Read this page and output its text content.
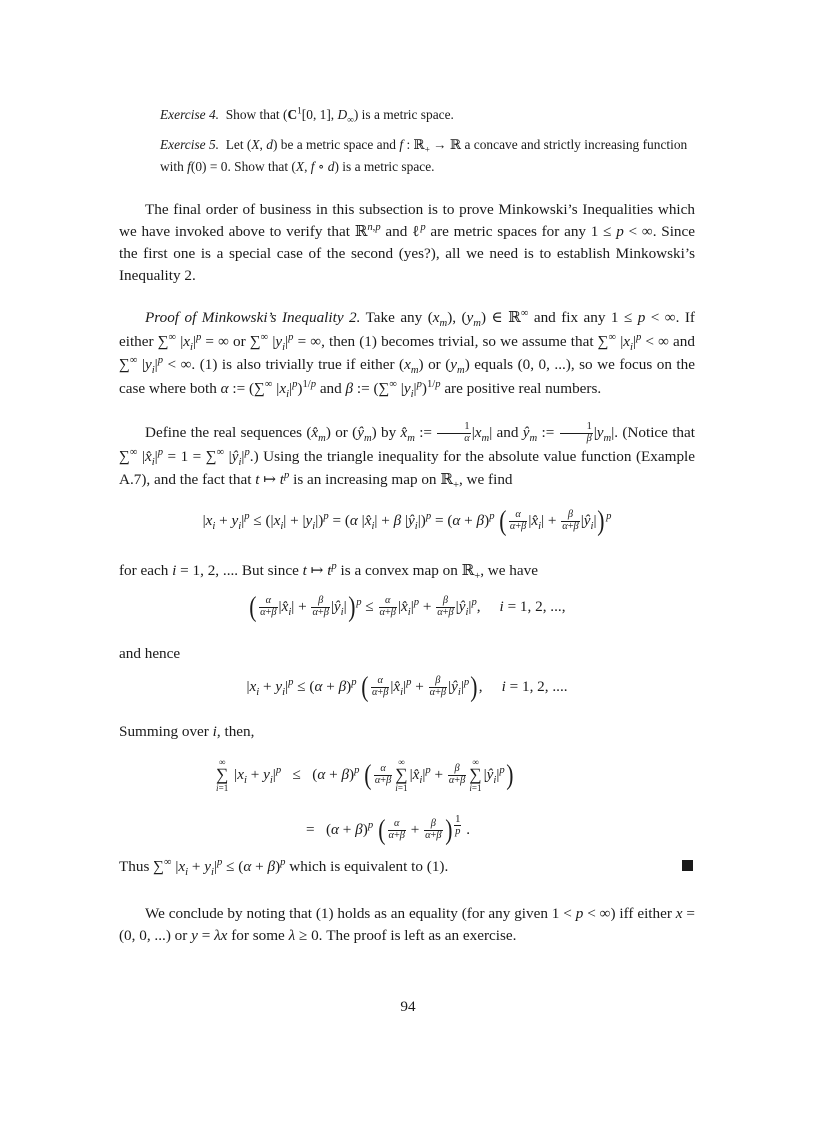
Exercise 4.  Show that ($C^1[0$, 1], $D_\infty$) is a metric space.
Exercise 5.  Let (X, d) be a metric space and f : ℝ$_+$ → ℝ a concave and strictly increasing function with f(0) = 0. Show that (X, f ∘ d) is a metric space.
The final order of business in this subsection is to prove Minkowski’s Inequalities which we have invoked above to verify that ℝ$^{n,p}$ and ℓ$^p$ are metric spaces for any 1 ≤ p < ∞. Since the first one is a special case of the second (yes?), all we need is to establish Minkowski’s Inequality 2.
Proof of Minkowski’s Inequality 2. Take any $(x_m)$, $(y_m)$ ∈ ℝ∞ and fix any 1 ≤ p < ∞. If either ∑∞ $|x_i|^p$ = ∞ or ∑∞ $|y_i|^p$ = ∞, then (1) becomes trivial, so we assume that ∑∞ $|x_i|^p$ < ∞ and ∑∞ $|y_i|^p$ < ∞. (1) is also trivially true if either $(x_m)$ or $(y_m)$ equals (0, 0, ...), so we focus on the case where both α := (∑∞ $|x_i|^p)^{1/p}$ and β := (∑∞ $|y_i|^p)^{1/p}$ are positive real numbers.
Define the real sequences $(x̂_m)$ or $(ŷ_m)$ by $x̂_m$ := $\frac{1}{\alpha} |x_m|$ and $ŷ_m$ := $\frac{1}{\beta} |y_m|$. (Notice that ∑∞ $|x̂_i|^p = 1 = \sum^\infty$ $|ŷ_i|^p$.) Using the triangle inequality for the absolute value function (Example A.7), and the fact that t ↦ $t^p$ is an increasing map on ℝ$_+$, we find
$|x_i + y_i|^p \le (|x_i| + |y_i|)^p = (\alpha$ $|x̂_i| + \beta$ $|ŷ_i|)^p = (\alpha + \beta)^p$ ( $\frac{\alpha}{\alpha+\beta}$ $|x̂_i| + \frac{\beta}{\alpha+\beta}$ $|ŷ_i|)^p$
for each i = 1, 2, .... But since t ↦ $t^p$ is a convex map on ℝ$_+$, we have
( $\frac{\alpha}{\alpha+\beta}$ $|x̂_i| + \frac{\beta}{\alpha+\beta}$ $|ŷ_i|)^p \le \frac{\alpha}{\alpha+\beta}$ $|x̂_i|^p + \frac{\beta}{\alpha+\beta}$ $|ŷ_i|^p$,     i = 1, 2, ...,
and hence
$|x_i + y_i|^p \le (\alpha + \beta)^p$ ( $\frac{\alpha}{\alpha+\beta}$ $|x̂_i|^p + \frac{\beta}{\alpha+\beta}$ $|ŷ_i|^p$),     i = 1, 2, ....
Summing over i, then,
∞
∑
i=1 $|x_i + y_i|^p \le (\alpha + \beta)^p$ ( $\frac{\alpha}{\alpha+\beta}$
∞
∑
$i=1|x̂_i|^p + \frac{\beta}{\alpha+\beta}$
∞
∑
$i=1|ŷ_i|^p$)
=   $(\alpha + \beta)^p$ ( $\frac{\alpha}{\alpha+\beta} + \frac{\beta}{\alpha+\beta}$ ) $^{\frac{1}{p}}$ .
Thus ∑∞ $|x_i + y_i|^p \le (\alpha + \beta)^p$ which is equivalent to (1).
We conclude by noting that (1) holds as an equality (for any given 1 < p < ∞) iff either x = (0, 0, ...) or y = λx for some λ ≥ 0. The proof is left as an exercise.
94
